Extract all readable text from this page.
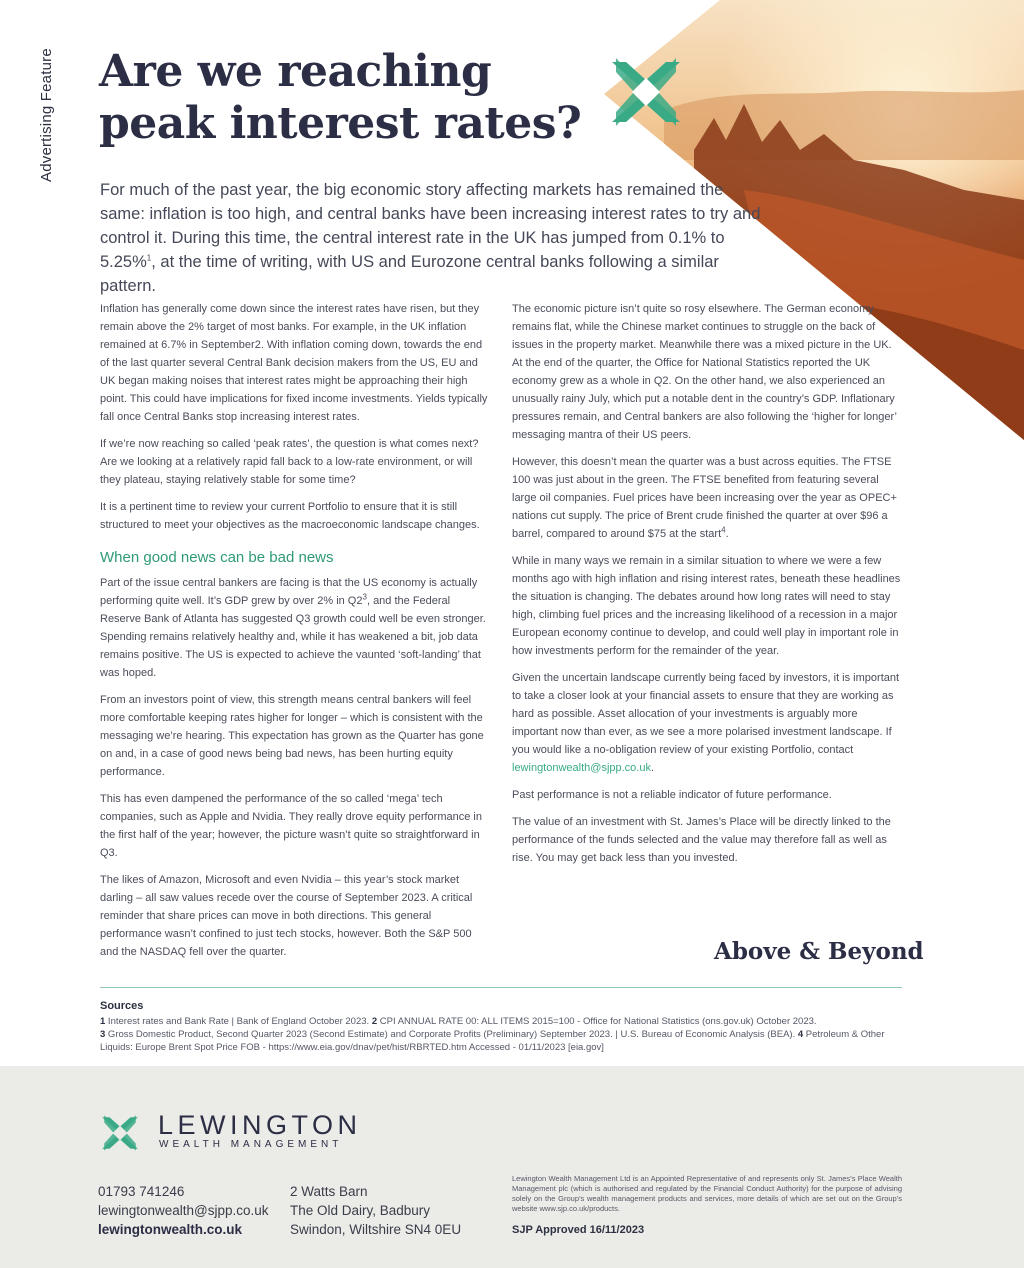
Advertising Feature Are we reaching
peak interest rates?

For much of the past year, the big economic story affecting markets has remained the same: inflation is too high, and central banks have been increasing interest rates to try and control it. During this time, the central interest rate in the UK has jumped from 0.1% to 5.25%$^1$, at the time of writing, with US and Eurozone central banks following a similar pattern.

Inflation has generally come down since the interest rates have risen, but they remain above the 2% target of most banks. For example, in the UK inflation remained at 6.7% in September2. With inflation coming down, towards the end of the last quarter several Central Bank decision makers from the US, EU and UK began making noises that interest rates might be approaching their high point. This could have implications for fixed income investments. Yields typically fall once Central Banks stop increasing interest rates.

If we’re now reaching so called ‘peak rates’, the question is what comes next? Are we looking at a relatively rapid fall back to a low-rate environment, or will they plateau, staying relatively stable for some time?

It is a pertinent time to review your current Portfolio to ensure that it is still structured to meet your objectives as the macroeconomic landscape changes.

When good news can be bad news

Part of the issue central bankers are facing is that the US economy is actually performing quite well. It’s GDP grew by over 2% in $Q2^3$, and the Federal Reserve Bank of Atlanta has suggested Q3 growth could well be even stronger. Spending remains relatively healthy and, while it has weakened a bit, job data remains positive. The US is expected to achieve the vaunted ‘soft-landing’ that was hoped.

From an investors point of view, this strength means central bankers will feel more comfortable keeping rates higher for longer – which is consistent with the messaging we’re hearing. This expectation has grown as the Quarter has gone on and, in a case of good news being bad news, has been hurting equity performance.

This has even dampened the performance of the so called ‘mega’ tech companies, such as Apple and Nvidia. They really drove equity performance in the first half of the year; however, the picture wasn’t quite so straightforward in Q3.

The likes of Amazon, Microsoft and even Nvidia – this year’s stock market darling – all saw values recede over the course of September 2023. A critical reminder that share prices can move in both directions. This general performance wasn’t confined to just tech stocks, however. Both the S&P 500 and the NASDAQ fell over the quarter.

The economic picture isn’t quite so rosy elsewhere. The German economy remains flat, while the Chinese market continues to struggle on the back of issues in the property market. Meanwhile there was a mixed picture in the UK. At the end of the quarter, the Office for National Statistics reported the UK economy grew as a whole in Q2. On the other hand, we also experienced an unusually rainy July, which put a notable dent in the country’s GDP. Inflationary pressures remain, and Central bankers are also following the ‘higher for longer’ messaging mantra of their US peers.

However, this doesn’t mean the quarter was a bust across equities. The FTSE 100 was just about in the green. The FTSE benefited from featuring several large oil companies. Fuel prices have been increasing over the year as OPEC+ nations cut supply. The price of Brent crude finished the quarter at over $96 a barrel, compared to around $75 at the start$^4$.

While in many ways we remain in a similar situation to where we were a few months ago with high inflation and rising interest rates, beneath these headlines the situation is changing. The debates around how long rates will need to stay high, climbing fuel prices and the increasing likelihood of a recession in a major European economy continue to develop, and could well play in important role in how investments perform for the remainder of the year.

Given the uncertain landscape currently being faced by investors, it is important to take a closer look at your financial assets to ensure that they are working as hard as possible. Asset allocation of your investments is arguably more important now than ever, as we see a more polarised investment landscape. If you would like a no-obligation review of your existing Portfolio, contact lewingtonwealth@sjpp.co.uk.

Past performance is not a reliable indicator of future performance.

The value of an investment with St. James’s Place will be directly linked to the performance of the funds selected and the value may therefore fall as well as rise. You may get back less than you invested.

Above & Beyond
Sources
1 Interest rates and Bank Rate | Bank of England October 2023. 2 CPI ANNUAL RATE 00: ALL ITEMS 2015=100 - Office for National Statistics (ons.gov.uk) October 2023.
3 Gross Domestic Product, Second Quarter 2023 (Second Estimate) and Corporate Profits (Preliminary) September 2023. | U.S. Bureau of Economic Analysis (BEA). 4 Petroleum & Other Liquids: Europe Brent Spot Price FOB - https://www.eia.gov/dnav/pet/hist/RBRTED.htm Accessed - 01/11/2023 [eia.gov]
LEWINGTON
WEALTH MANAGEMENT
01793 741246
lewingtonwealth@sjpp.co.uk
lewingtonwealth.co.uk
2 Watts Barn
The Old Dairy, Badbury
Swindon, Wiltshire SN4 0EU
Lewington Wealth Management Ltd is an Appointed Representative of and represents only St. James’s Place Wealth Management plc (which is authorised and regulated by the Financial Conduct Authority) for the purpose of advising solely on the Group’s wealth management products and services, more details of which are set out on the Group’s website www.sjp.co.uk/products.
SJP Approved 16/11/2023
